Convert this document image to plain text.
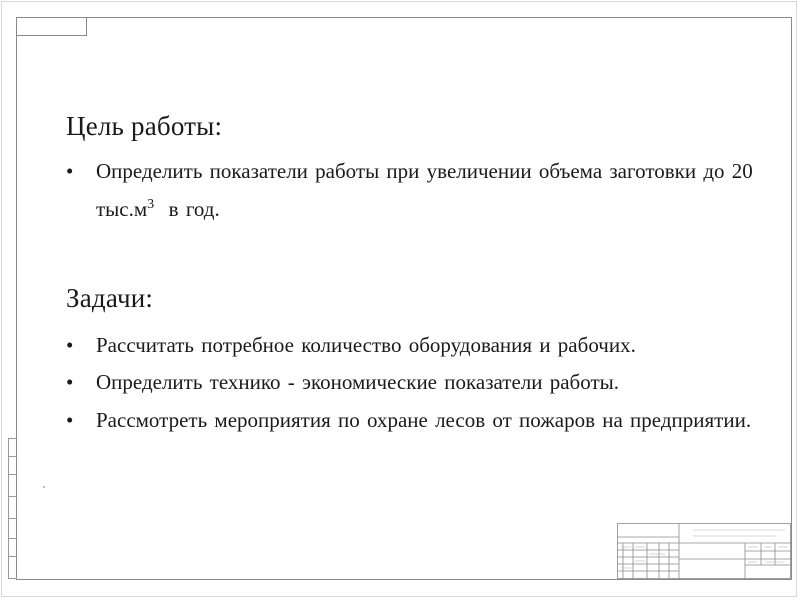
Цель работы:
•	Определить показатели работы при увеличении объема заготовки до 20 $тыс.м^3$  в год.
Задачи:
•	Рассчитать потребное количество оборудования и рабочих.
•	Определить технико - экономические показатели работы.
•	Рассмотреть мероприятия по охране лесов от пожаров на предприятии.
